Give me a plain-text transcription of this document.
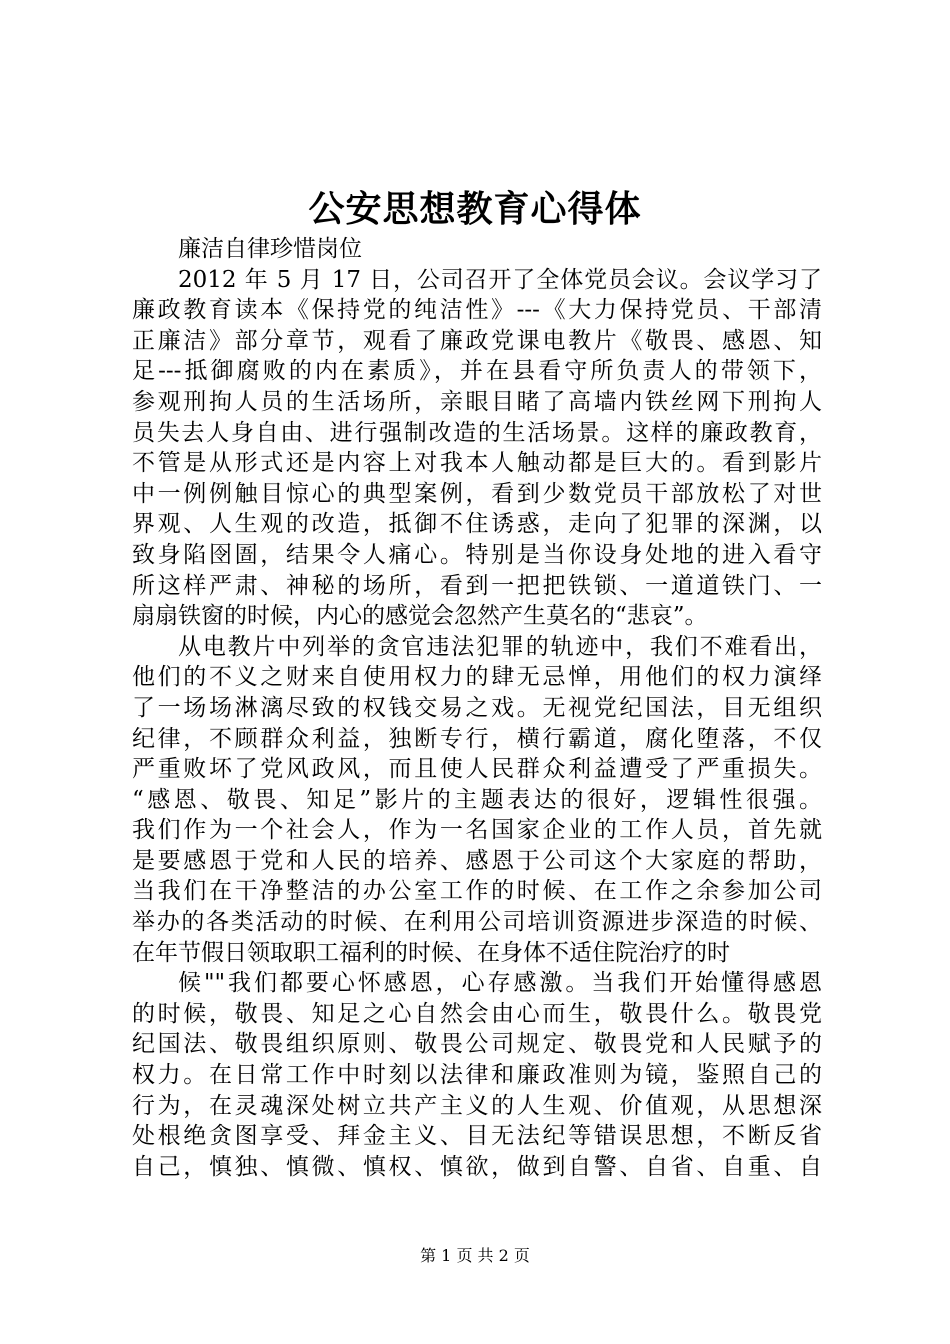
公安思想教育心得体
廉洁自律珍惜岗位
2012 年 5 月 17 日，公司召开了全体党员会议。会议学习了
廉政教育读本《保持党的纯洁性》---《大力保持党员、干部清
正廉洁》部分章节，观看了廉政党课电教片《敬畏、感恩、知
足---抵御腐败的内在素质》，并在县看守所负责人的带领下，
参观刑拘人员的生活场所，亲眼目睹了高墙内铁丝网下刑拘人
员失去人身自由、进行强制改造的生活场景。这样的廉政教育，
不管是从形式还是内容上对我本人触动都是巨大的。看到影片
中一例例触目惊心的典型案例，看到少数党员干部放松了对世
界观、人生观的改造，抵御不住诱惑，走向了犯罪的深渊，以
致身陷囹圄，结果令人痛心。特别是当你设身处地的进入看守
所这样严肃、神秘的场所，看到一把把铁锁、一道道铁门、一
扇扇铁窗的时候，内心的感觉会忽然产生莫名的“悲哀”。
从电教片中列举的贪官违法犯罪的轨迹中，我们不难看出，
他们的不义之财来自使用权力的肆无忌惮，用他们的权力演绎
了一场场淋漓尽致的权钱交易之戏。无视党纪国法，目无组织
纪律，不顾群众利益，独断专行，横行霸道，腐化堕落，不仅
严重败坏了党风政风，而且使人民群众利益遭受了严重损失。
“感恩、敬畏、知足”影片的主题表达的很好，逻辑性很强。
我们作为一个社会人，作为一名国家企业的工作人员，首先就
是要感恩于党和人民的培养、感恩于公司这个大家庭的帮助，
当我们在干净整洁的办公室工作的时候、在工作之余参加公司
举办的各类活动的时候、在利用公司培训资源进步深造的时候、
在年节假日领取职工福利的时候、在身体不适住院治疗的时
候""我们都要心怀感恩，心存感激。当我们开始懂得感恩
的时候，敬畏、知足之心自然会由心而生，敬畏什么。敬畏党
纪国法、敬畏组织原则、敬畏公司规定、敬畏党和人民赋予的
权力。在日常工作中时刻以法律和廉政准则为镜，鉴照自己的
行为，在灵魂深处树立共产主义的人生观、价值观，从思想深
处根绝贪图享受、拜金主义、目无法纪等错误思想，不断反省
自己，慎独、慎微、慎权、慎欲，做到自警、自省、自重、自
第 1 页 共 2 页
